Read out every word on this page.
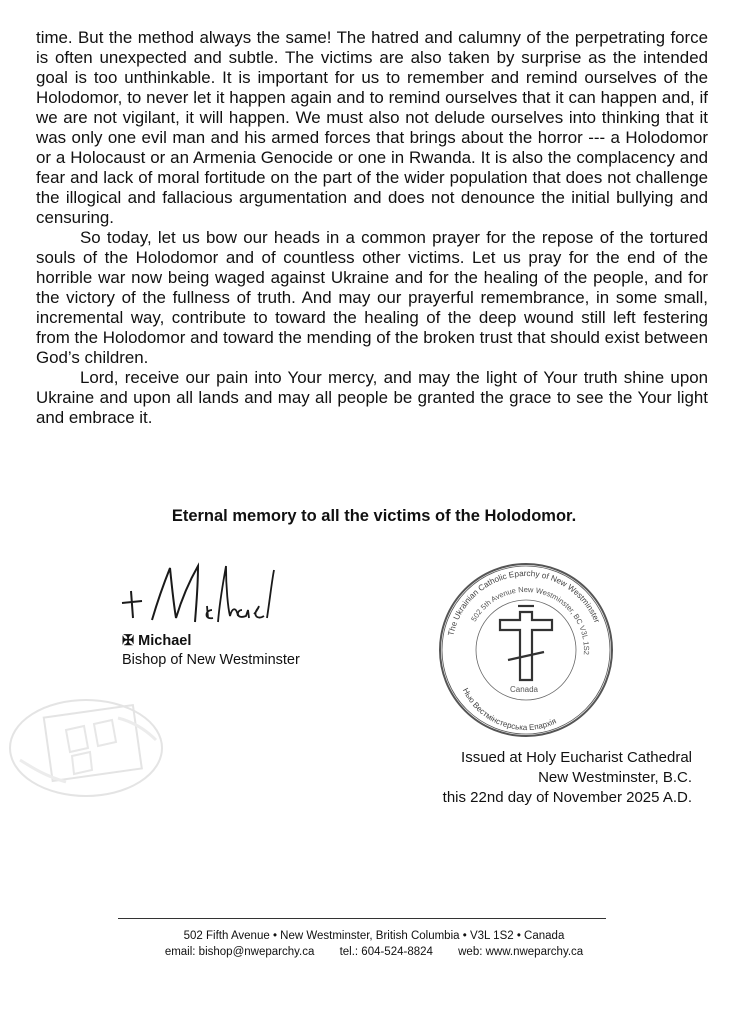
time. But the method always the same! The hatred and calumny of the perpetrating force is often unexpected and subtle. The victims are also taken by surprise as the intended goal is too unthinkable. It is important for us to remember and remind ourselves of the Holodomor, to never let it happen again and to remind ourselves that it can happen and, if we are not vigilant, it will happen. We must also not delude ourselves into thinking that it was only one evil man and his armed forces that brings about the horror --- a Holodomor or a Holocaust or an Armenia Genocide or one in Rwanda. It is also the complacency and fear and lack of moral fortitude on the part of the wider population that does not challenge the illogical and fallacious argumentation and does not denounce the initial bullying and censuring.

So today, let us bow our heads in a common prayer for the repose of the tortured souls of the Holodomor and of countless other victims. Let us pray for the end of the horrible war now being waged against Ukraine and for the healing of the people, and for the victory of the fullness of truth. And may our prayerful remembrance, in some small, incremental way, contribute to toward the healing of the deep wound still left festering from the Holodomor and toward the mending of the broken trust that should exist between God’s children.

Lord, receive our pain into Your mercy, and may the light of Your truth shine upon Ukraine and upon all lands and may all people be granted the grace to see the Your light and embrace it.

Eternal memory to all the victims of the Holodomor.
✠ Michael
Bishop of New Westminster
The Ukrainian Catholic Eparchy of New Westminster
502 5th Avenue New Westminster, BC V3L 1S2
Нью Вестмінстерська Епархія
Canada
Issued at Holy Eucharist Cathedral
New Westminster, B.C.
this 22nd day of November 2025 A.D.
502 Fifth Avenue • New Westminster, British Columbia • V3L 1S2 • Canada
email: bishop@nweparchy.ca tel.: 604-524-8824 web: www.nweparchy.ca
